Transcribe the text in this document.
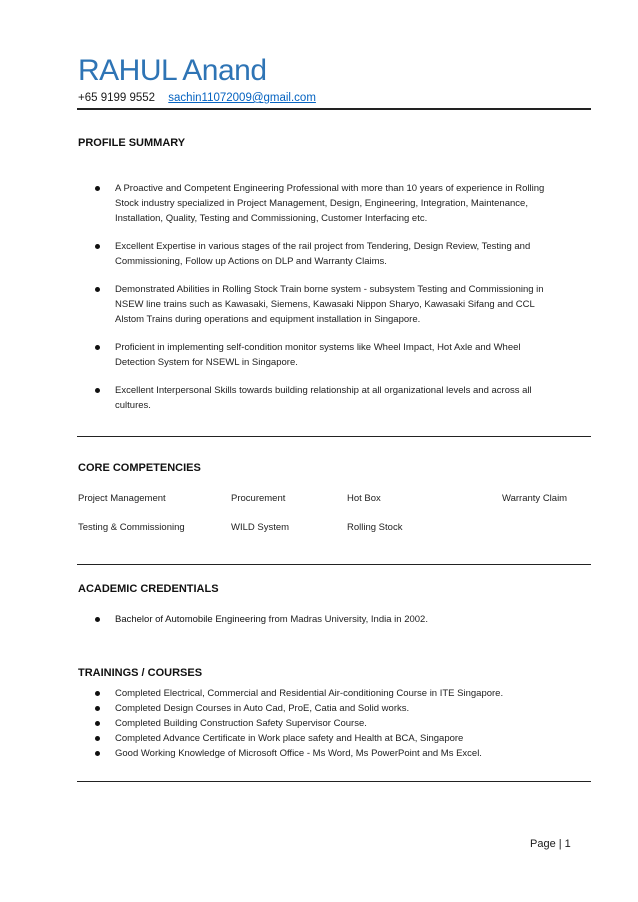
RAHUL Anand
+65 9199 9552 sachin11072009@gmail.com
PROFILE SUMMARY
A Proactive and Competent Engineering Professional with more than 10 years of experience in Rolling Stock industry specialized in Project Management, Design, Engineering, Integration, Maintenance, Installation, Quality, Testing and Commissioning, Customer Interfacing etc.
Excellent Expertise in various stages of the rail project from Tendering, Design Review, Testing and Commissioning, Follow up Actions on DLP and Warranty Claims.
Demonstrated Abilities in Rolling Stock Train borne system - subsystem Testing and Commissioning in NSEW line trains such as Kawasaki, Siemens, Kawasaki Nippon Sharyo, Kawasaki Sifang and CCL Alstom Trains during operations and equipment installation in Singapore.
Proficient in implementing self-condition monitor systems like Wheel Impact, Hot Axle and Wheel Detection System for NSEWL in Singapore.
Excellent Interpersonal Skills towards building relationship at all organizational levels and across all cultures.
CORE COMPETENCIES
Project Management	Procurement	Hot Box	Warranty Claim
Testing & Commissioning	WILD System	Rolling Stock
ACADEMIC CREDENTIALS
Bachelor of Automobile Engineering from Madras University, India in 2002.
TRAININGS / COURSES
Completed Electrical, Commercial and Residential Air-conditioning Course in ITE Singapore.
Completed Design Courses in Auto Cad, ProE, Catia and Solid works.
Completed Building Construction Safety Supervisor Course.
Completed Advance Certificate in Work place safety and Health at BCA, Singapore
Good Working Knowledge of Microsoft Office - Ms Word, Ms PowerPoint and Ms Excel.
Page | 1
